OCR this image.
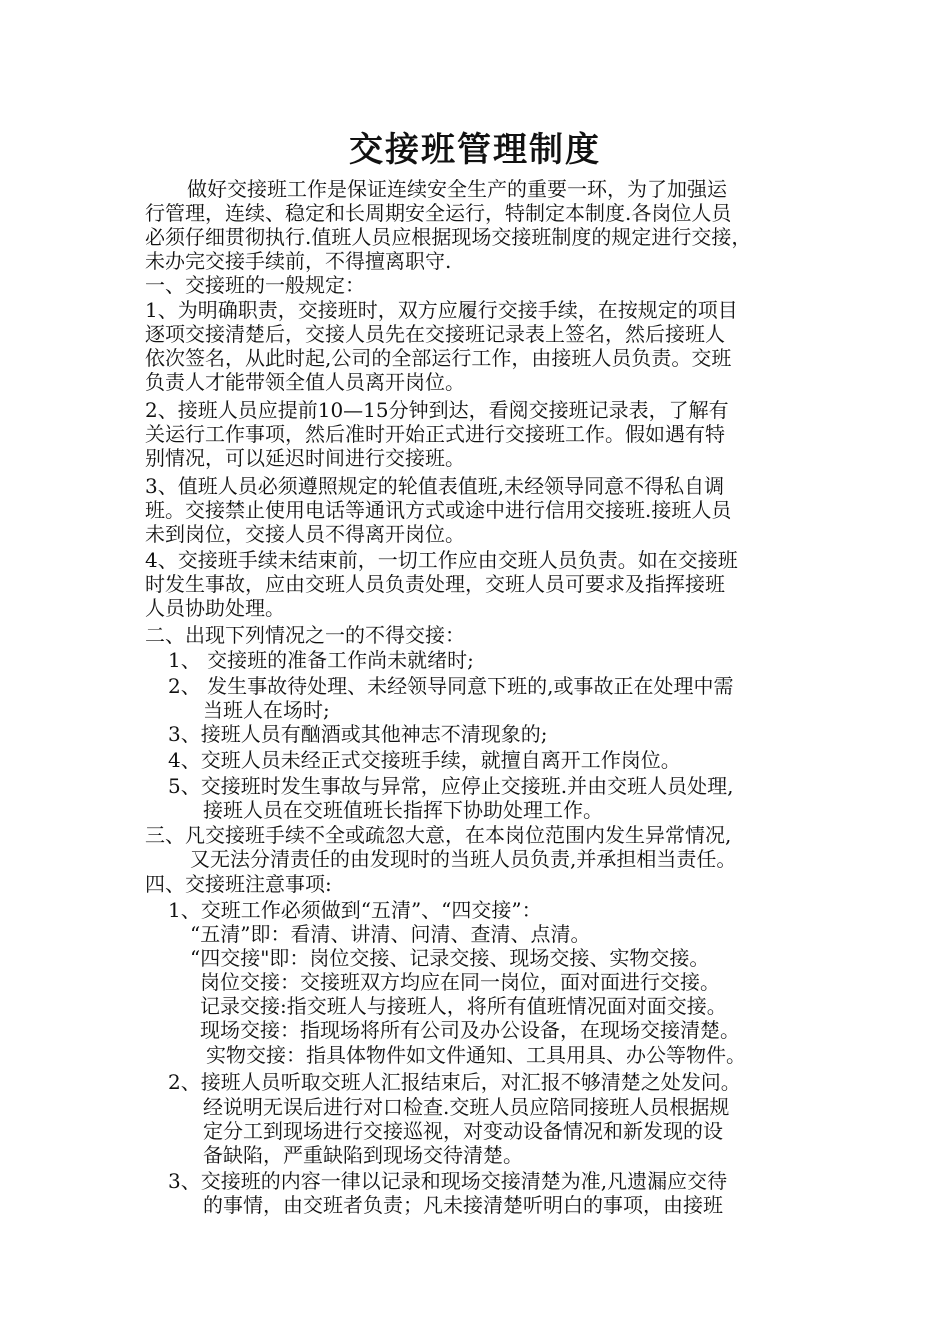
交接班管理制度
做好交接班工作是保证连续安全生产的重要一环，为了加强运
行管理，连续、稳定和长周期安全运行，特制定本制度.各岗位人员
必须仔细贯彻执行.值班人员应根据现场交接班制度的规定进行交接，
未办完交接手续前，不得擅离职守.
一、交接班的一般规定：
1、为明确职责，交接班时，双方应履行交接手续，在按规定的项目
逐项交接清楚后，交接人员先在交接班记录表上签名，然后接班人
依次签名，从此时起,公司的全部运行工作，由接班人员负责。交班
负责人才能带领全值人员离开岗位。
2、接班人员应提前10—15分钟到达，看阅交接班记录表，了解有
关运行工作事项，然后准时开始正式进行交接班工作。假如遇有特
别情况，可以延迟时间进行交接班。
3、值班人员必须遵照规定的轮值表值班,未经领导同意不得私自调
班。交接禁止使用电话等通讯方式或途中进行信用交接班.接班人员
未到岗位，交接人员不得离开岗位。
4、交接班手续未结束前，一切工作应由交班人员负责。如在交接班
时发生事故，应由交班人员负责处理，交班人员可要求及指挥接班
人员协助处理。
二、出现下列情况之一的不得交接：
1、 交接班的准备工作尚未就绪时;
2、 发生事故待处理、未经领导同意下班的,或事故正在处理中需
当班人在场时;
3、接班人员有酗酒或其他神志不清现象的;
4、交班人员未经正式交接班手续，就擅自离开工作岗位。
5、交接班时发生事故与异常，应停止交接班.并由交班人员处理,
接班人员在交班值班长指挥下协助处理工作。
三、凡交接班手续不全或疏忽大意，在本岗位范围内发生异常情况,
又无法分清责任的由发现时的当班人员负责,并承担相当责任。
四、交接班注意事项:
1、交班工作必须做到“五清”、“四交接”：
“五清”即：看清、讲清、问清、查清、点清。
“四交接"即：岗位交接、记录交接、现场交接、实物交接。
岗位交接：交接班双方均应在同一岗位，面对面进行交接。
记录交接:指交班人与接班人，将所有值班情况面对面交接。
现场交接：指现场将所有公司及办公设备，在现场交接清楚。
实物交接：指具体物件如文件通知、工具用具、办公等物件。
2、接班人员听取交班人汇报结束后，对汇报不够清楚之处发问。
经说明无误后进行对口检查.交班人员应陪同接班人员根据规
定分工到现场进行交接巡视，对变动设备情况和新发现的设
备缺陷，严重缺陷到现场交待清楚。
3、交接班的内容一律以记录和现场交接清楚为准,凡遗漏应交待
的事情，由交班者负责；凡未接清楚听明白的事项，由接班
